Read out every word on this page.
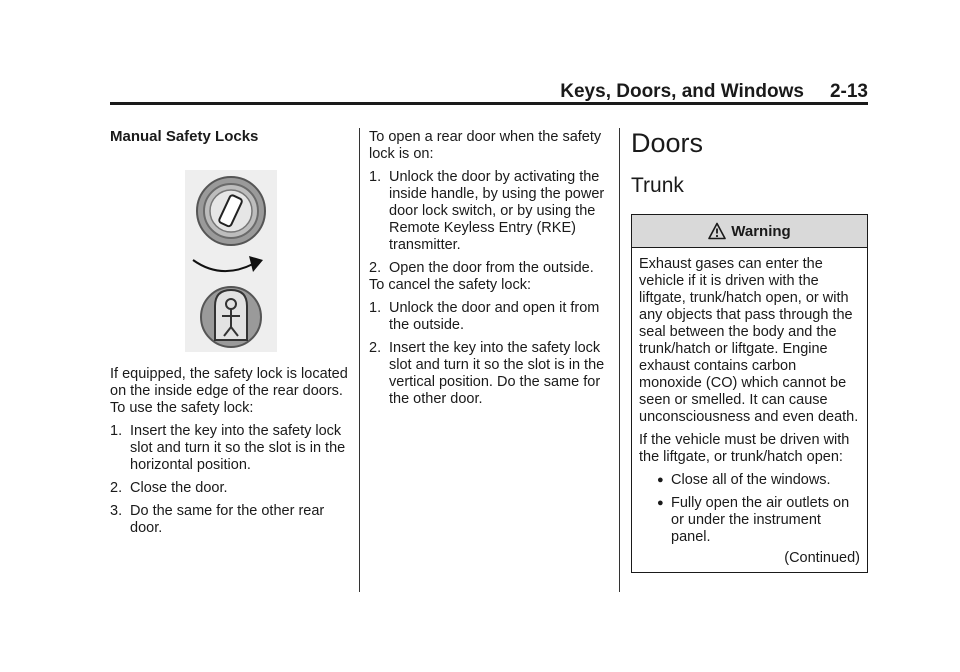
Keys, Doors, and Windows 2-13
Manual Safety Locks

If equipped, the safety lock is located on the inside edge of the rear doors. To use the safety lock:

1. Insert the key into the safety lock slot and turn it so the slot is in the horizontal position.
2. Close the door.
3. Do the same for the other rear door.

To open a rear door when the safety lock is on:

1. Unlock the door by activating the inside handle, by using the power door lock switch, or by using the Remote Keyless Entry (RKE) transmitter.
2. Open the door from the outside.

To cancel the safety lock:

1. Unlock the door and open it from the outside.
2. Insert the key into the safety lock slot and turn it so the slot is in the vertical position. Do the same for the other door.
Doors
Trunk
Warning

Exhaust gases can enter the vehicle if it is driven with the liftgate, trunk/hatch open, or with any objects that pass through the seal between the body and the trunk/hatch or liftgate. Engine exhaust contains carbon monoxide (CO) which cannot be seen or smelled. It can cause unconsciousness and even death.

If the vehicle must be driven with the liftgate, or trunk/hatch open:

● Close all of the windows.
● Fully open the air outlets on or under the instrument panel.
(Continued)
